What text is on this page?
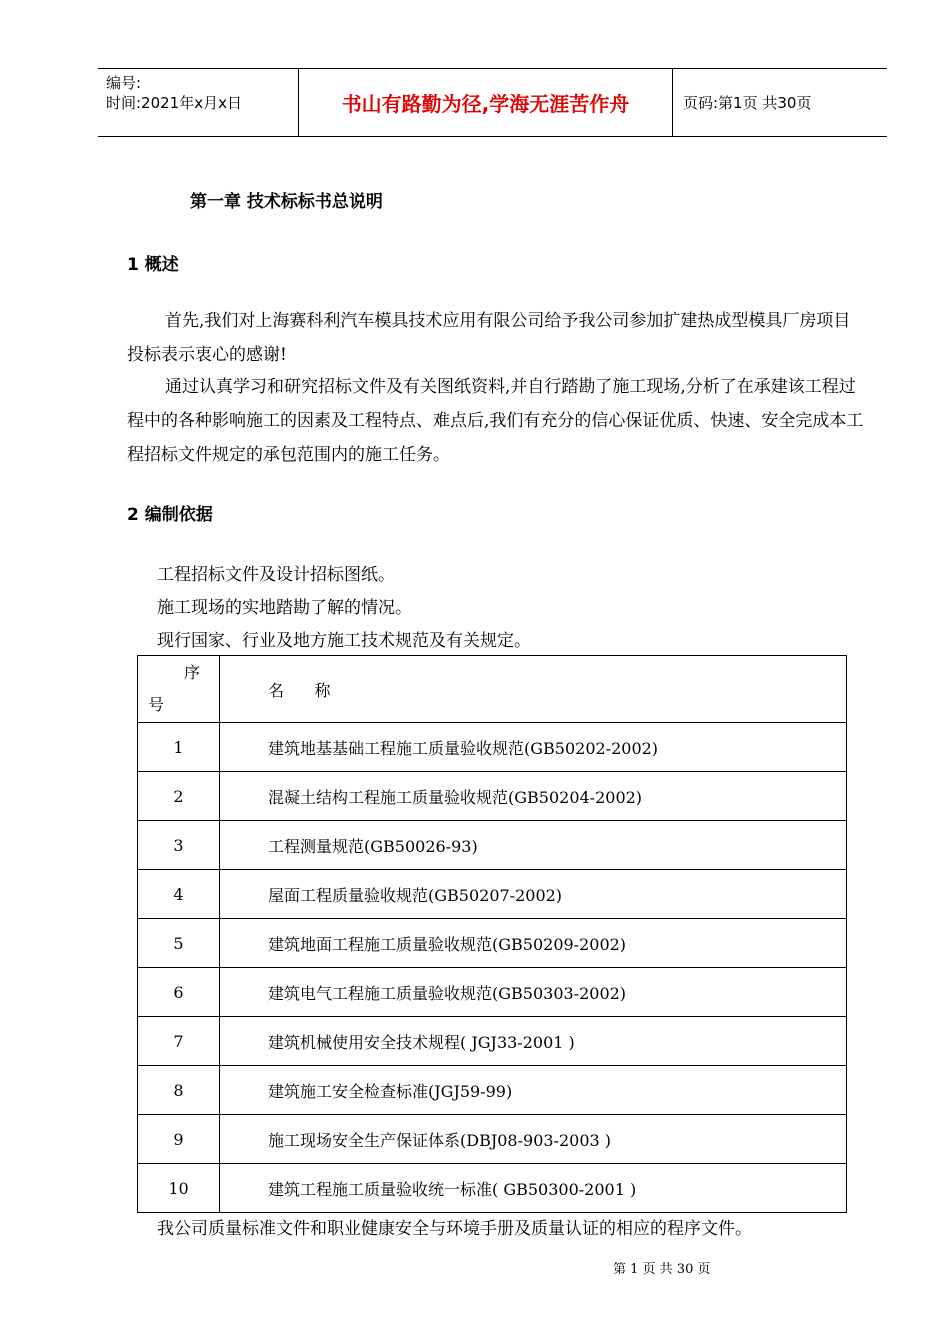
编号:
时间:2021年x月x日	书山有路勤为径,学海无涯苦作舟	页码:第1页 共30页
第一章 技术标标书总说明
1 概述

首先,我们对上海赛科利汽车模具技术应用有限公司给予我公司参加扩建热成型模具厂房项目投标表示衷心的感谢!

通过认真学习和研究招标文件及有关图纸资料,并自行踏勘了施工现场,分析了在承建该工程过程中的各种影响施工的因素及工程特点、难点后,我们有充分的信心保证优质、快速、安全完成本工程招标文件规定的承包范围内的施工任务。

2 编制依据

工程招标文件及设计招标图纸。

施工现场的实地踏勘了解的情况。

现行国家、行业及地方施工技术规范及有关规定。

序
号	名      称
1	建筑地基基础工程施工质量验收规范(GB50202-2002)
2	混凝土结构工程施工质量验收规范(GB50204-2002)
3	工程测量规范(GB50026-93)
4	屋面工程质量验收规范(GB50207-2002)
5	建筑地面工程施工质量验收规范(GB50209-2002)
6	建筑电气工程施工质量验收规范(GB50303-2002)
7	建筑机械使用安全技术规程( JGJ33-2001 )
8	建筑施工安全检查标准(JGJ59-99)
9	施工现场安全生产保证体系(DBJ08-903-2003 )
10	建筑工程施工质量验收统一标准( GB50300-2001 )

我公司质量标准文件和职业健康安全与环境手册及质量认证的相应的程序文件。

第 1 页 共 30 页
